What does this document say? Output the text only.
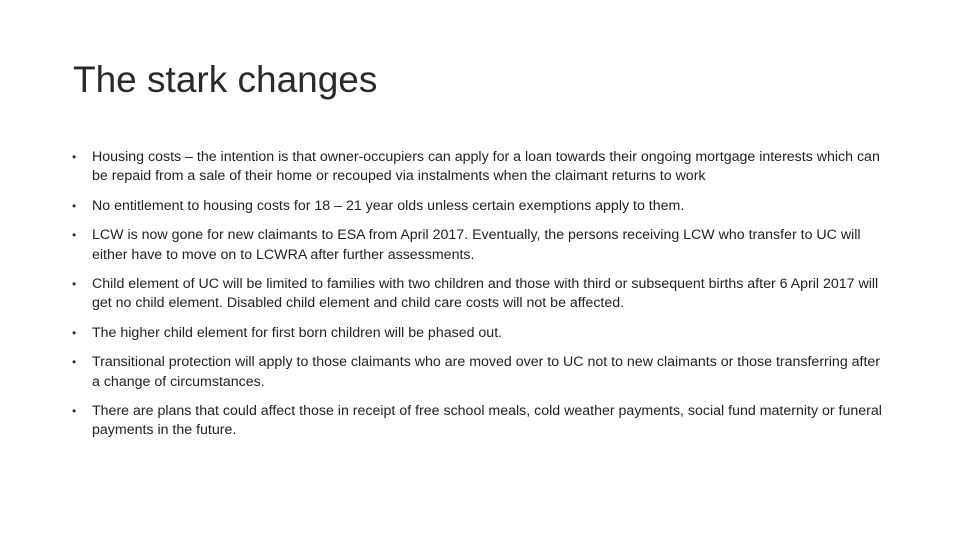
The stark changes
•	Housing costs – the intention is that owner-occupiers can apply for a loan towards their ongoing mortgage interests which can be repaid from a sale of their home or recouped via instalments when the claimant returns to work
•	No entitlement to housing costs for 18 – 21 year olds unless certain exemptions apply to them.
•	LCW is now gone for new claimants to ESA from April 2017. Eventually, the persons receiving LCW who transfer to UC will either have to move on to LCWRA after further assessments.
•	Child element of UC will be limited to families with two children and those with third or subsequent births after 6 April 2017 will get no child element. Disabled child element and child care costs will not be affected.
•	The higher child element for first born children will be phased out.
•	Transitional protection will apply to those claimants who are moved over to UC not to new claimants or those transferring after a change of circumstances.
•	There are plans that could affect those in receipt of free school meals, cold weather payments, social fund maternity or funeral payments in the future.
